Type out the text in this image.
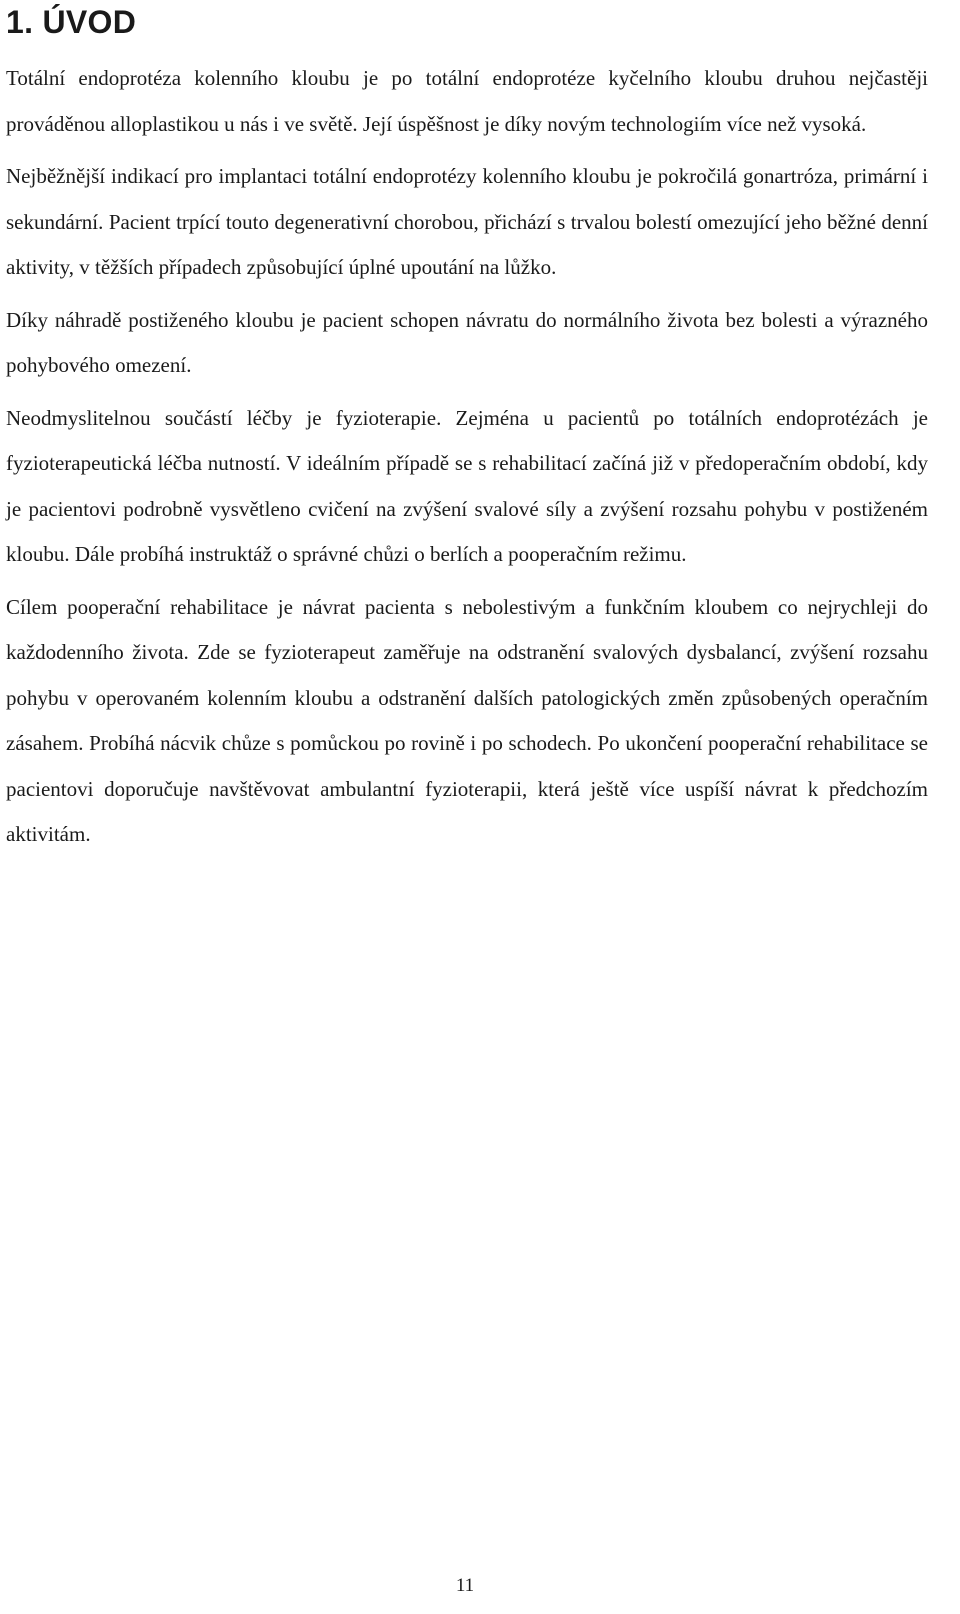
1. ÚVOD

Totální endoprotéza kolenního kloubu je po totální endoprotéze kyčelního kloubu druhou nejčastěji prováděnou alloplastikou u nás i ve světě. Její úspěšnost je díky novým technologiím více než vysoká.

Nejběžnější indikací pro implantaci totální endoprotézy kolenního kloubu je pokročilá gonartróza, primární i sekundární. Pacient trpící touto degenerativní chorobou, přichází s trvalou bolestí omezující jeho běžné denní aktivity, v těžších případech způsobující úplné upoutání na lůžko.

Díky náhradě postiženého kloubu je pacient schopen návratu do normálního života bez bolesti a výrazného pohybového omezení.

Neodmyslitelnou součástí léčby je fyzioterapie. Zejména u pacientů po totálních endoprotézách je fyzioterapeutická léčba nutností. V ideálním případě se s rehabilitací začíná již v předoperačním období, kdy je pacientovi podrobně vysvětleno cvičení na zvýšení svalové síly a zvýšení rozsahu pohybu v postiženém kloubu. Dále probíhá instruktáž o správné chůzi o berlích a pooperačním režimu.

Cílem pooperační rehabilitace je návrat pacienta s nebolestivým a funkčním kloubem co nejrychleji do každodenního života. Zde se fyzioterapeut zaměřuje na odstranění svalových dysbalancí, zvýšení rozsahu pohybu v operovaném kolenním kloubu a odstranění dalších patologických změn způsobených operačním zásahem. Probíhá nácvik chůze s pomůckou po rovině i po schodech. Po ukončení pooperační rehabilitace se pacientovi doporučuje navštěvovat ambulantní fyzioterapii, která ještě více uspíší návrat k předchozím aktivitám.

11
